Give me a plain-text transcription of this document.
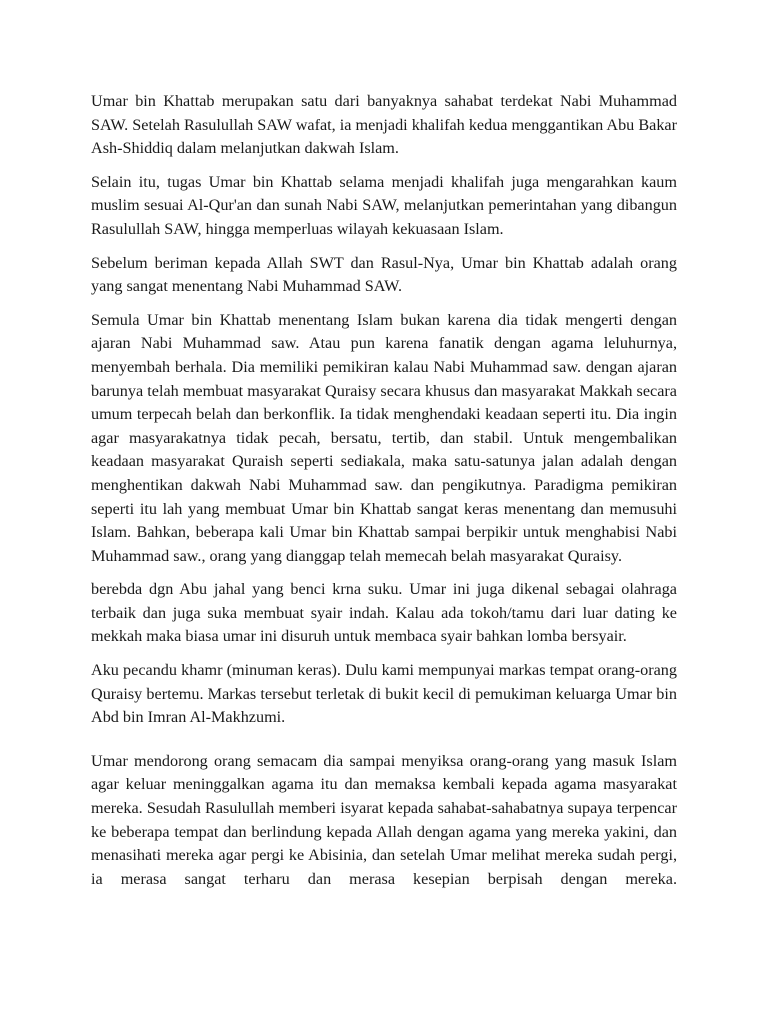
Umar bin Khattab merupakan satu dari banyaknya sahabat terdekat Nabi Muhammad SAW. Setelah Rasulullah SAW wafat, ia menjadi khalifah kedua menggantikan Abu Bakar Ash-Shiddiq dalam melanjutkan dakwah Islam.

Selain itu, tugas Umar bin Khattab selama menjadi khalifah juga mengarahkan kaum muslim sesuai Al-Qur'an dan sunah Nabi SAW, melanjutkan pemerintahan yang dibangun Rasulullah SAW, hingga memperluas wilayah kekuasaan Islam.

Sebelum beriman kepada Allah SWT dan Rasul-Nya, Umar bin Khattab adalah orang yang sangat menentang Nabi Muhammad SAW.

Semula Umar bin Khattab menentang Islam bukan karena dia tidak mengerti dengan ajaran Nabi Muhammad saw. Atau pun karena fanatik dengan agama leluhurnya, menyembah berhala. Dia memiliki pemikiran kalau Nabi Muhammad saw. dengan ajaran barunya telah membuat masyarakat Quraisy secara khusus dan masyarakat Makkah secara umum terpecah belah dan berkonflik. Ia tidak menghendaki keadaan seperti itu. Dia ingin agar masyarakatnya tidak pecah, bersatu, tertib, dan stabil. Untuk mengembalikan keadaan masyarakat Quraish seperti sediakala, maka satu-satunya jalan adalah dengan menghentikan dakwah Nabi Muhammad saw. dan pengikutnya. Paradigma pemikiran seperti itu lah yang membuat Umar bin Khattab sangat keras menentang dan memusuhi Islam. Bahkan, beberapa kali Umar bin Khattab sampai berpikir untuk menghabisi Nabi Muhammad saw., orang yang dianggap telah memecah belah masyarakat Quraisy.

berebda dgn Abu jahal yang benci krna suku. Umar ini juga dikenal sebagai olahraga terbaik dan juga suka membuat syair indah. Kalau ada tokoh/tamu dari luar dating ke mekkah maka biasa umar ini disuruh untuk membaca syair bahkan lomba bersyair.

Aku pecandu khamr (minuman keras). Dulu kami mempunyai markas tempat orang-orang Quraisy bertemu. Markas tersebut terletak di bukit kecil di pemukiman keluarga Umar bin Abd bin Imran Al-Makhzumi.

Umar mendorong orang semacam dia sampai menyiksa orang-orang yang masuk Islam agar keluar meninggalkan agama itu dan memaksa kembali kepada agama masyarakat mereka. Sesudah Rasulullah memberi isyarat kepada sahabat-sahabatnya supaya terpencar ke beberapa tempat dan berlindung kepada Allah dengan agama yang mereka yakini, dan menasihati mereka agar pergi ke Abisinia, dan setelah Umar melihat mereka sudah pergi, ia merasa sangat terharu dan merasa kesepian berpisah dengan mereka.
